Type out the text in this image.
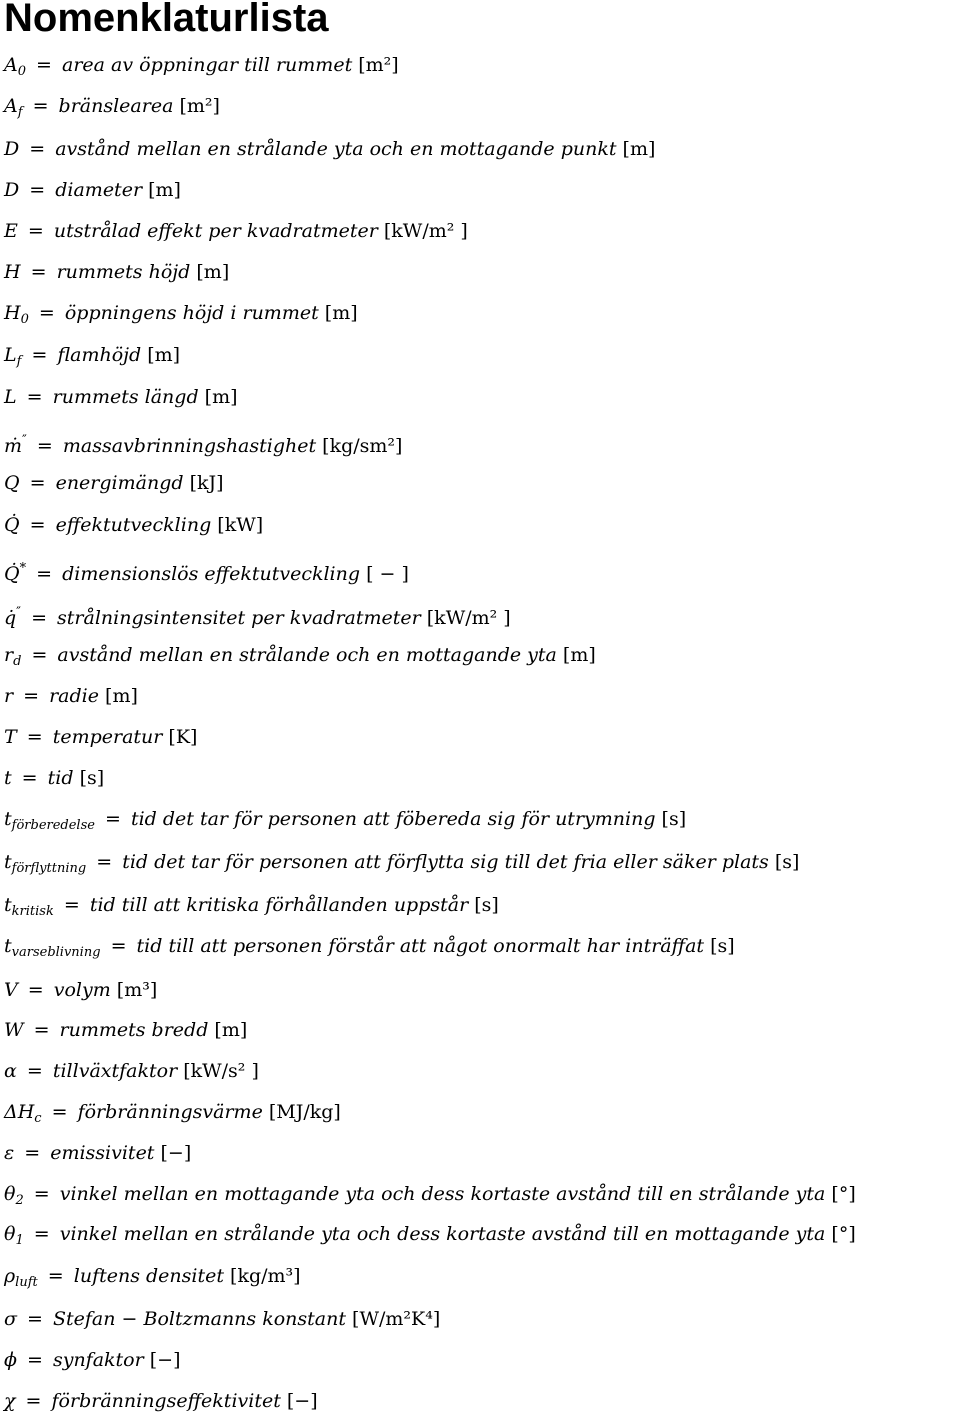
Nomenklaturlista
$A_0$ = area av öppningar till rummet [m²]
$A_f$ = bränslearea [m²]
D = avstånd mellan en strålande yta och en mottagande punkt [m]
D = diameter [m]
E = utstrålad effekt per kvadratmeter [kW/m² ]
H = rummets höjd [m]
$H_0$ = öppningens höjd i rummet [m]
$L_f$ = flamhöjd [m]
L = rummets längd [m]
ṁ″ = massavbrinningshastighet [kg/sm²]
Q = energimängd [kJ]
Q̇ = effektutveckling [kW]
Q̇* = dimensionslös effektutveckling [ − ]
q̇″ = strålningsintensitet per kvadratmeter [kW/m² ]
$r_d$ = avstånd mellan en strålande och en mottagande yta [m]
r = radie [m]
T = temperatur [K]
t = tid [s]
$t_{förberedelse}$ = tid det tar för personen att föbereda sig för utrymning [s]
$t_{förflyttning}$ = tid det tar för personen att förflytta sig till det fria eller säker plats [s]
$t_{kritisk}$ = tid till att kritiska förhållanden uppstår [s]
$t_{varseblivning}$ = tid till att personen förstår att något onormalt har inträffat [s]
V = volym [m³]
W = rummets bredd [m]
α = tillväxtfaktor [kW/s² ]
$\Delta H_c$ = förbränningsvärme [MJ/kg]
ε = emissivitet [−]
$\theta_2$ = vinkel mellan en mottagande yta och dess kortaste avstånd till en strålande yta [°]
$\theta_1$ = vinkel mellan en strålande yta och dess kortaste avstånd till en mottagande yta [°]
$\rho_{luft}$ = luftens densitet [kg/m³]
σ = Stefan − Boltzmanns konstant [W/m²K⁴]
ϕ = synfaktor [−]
χ = förbränningseffektivitet [−]
